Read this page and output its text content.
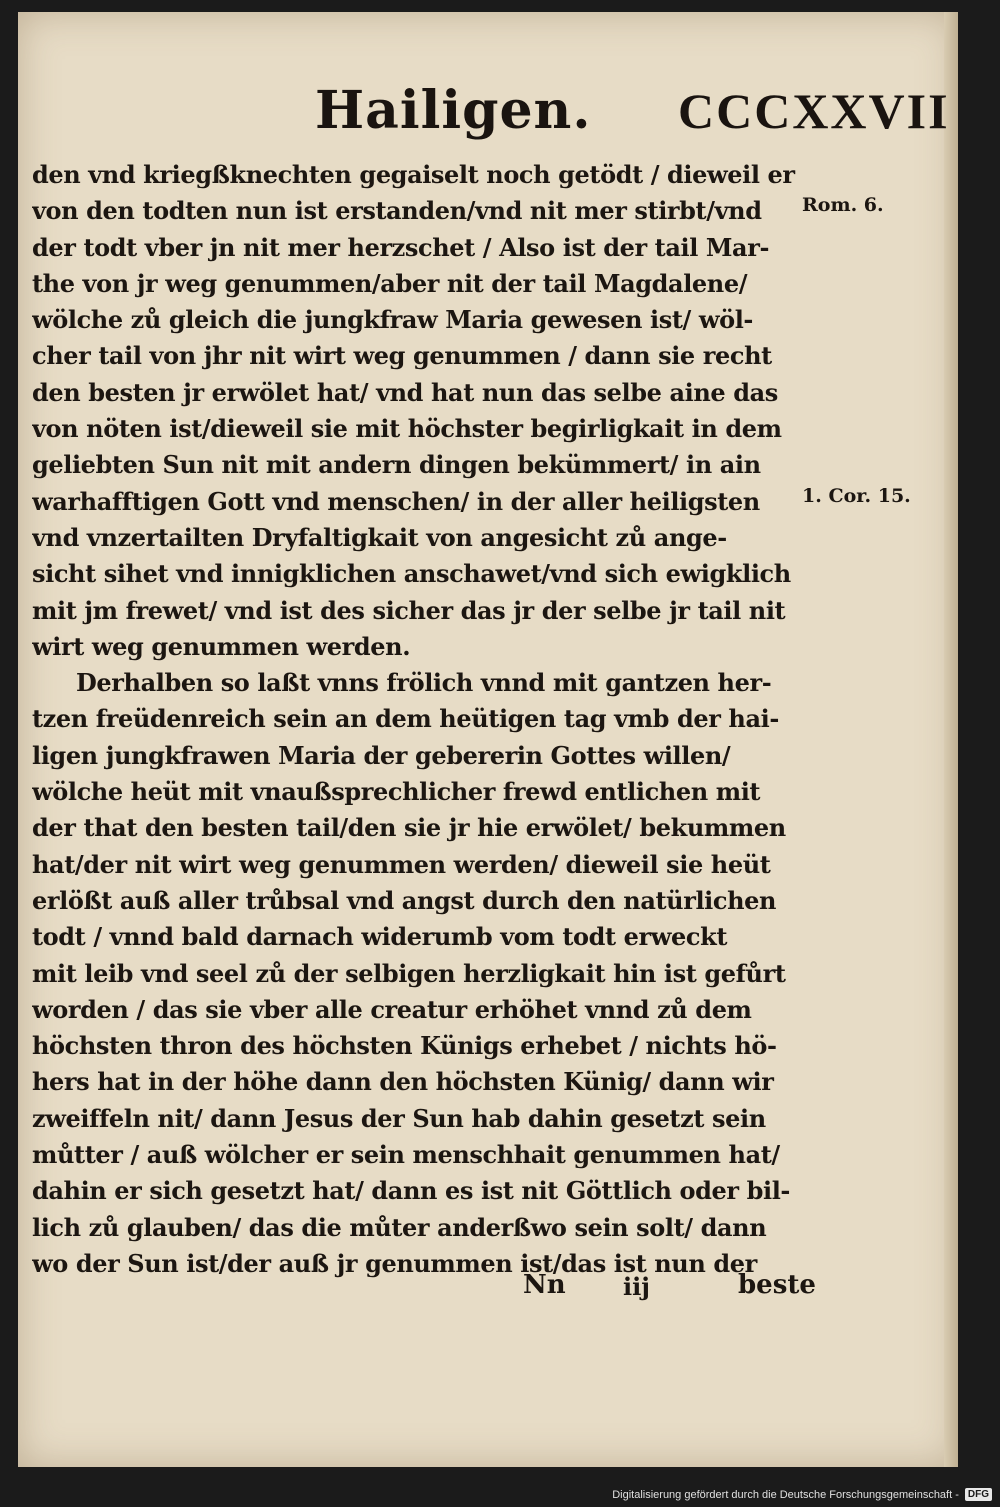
Hailigen. CCCXXVII
den vnd kriegßknechten gegaiselt noch getödt / dieweil er
von den todten nun ist erstanden/vnd nit mer stirbt/vnd
der todt vber jn nit mer herzschet / Also ist der tail Mar-
the von jr weg genummen/aber nit der tail Magdalene/
wölche zů gleich die jungkfraw Maria gewesen ist/ wöl-
cher tail von jhr nit wirt weg genummen / dann sie recht
den besten jr erwölet hat/ vnd hat nun das selbe aine das
von nöten ist/dieweil sie mit höchster begirligkait in dem
geliebten Sun nit mit andern dingen bekümmert/ in ain
warhafftigen Gott vnd menschen/ in der aller heiligsten
vnd vnzertailten Dryfaltigkait von angesicht zů ange-
sicht sihet vnd innigklichen anschawet/vnd sich ewigklich
mit jm frewet/ vnd ist des sicher das jr der selbe jr tail nit
wirt weg genummen werden.
Derhalben so laßt vnns frölich vnnd mit gantzen her-
tzen freüdenreich sein an dem heütigen tag vmb der hai-
ligen jungkfrawen Maria der gebererin Gottes willen/
wölche heüt mit vnaußsprechlicher frewd entlichen mit
der that den besten tail/den sie jr hie erwölet/ bekummen
hat/der nit wirt weg genummen werden/ dieweil sie heüt
erlößt auß aller trůbsal vnd angst durch den natürlichen
todt / vnnd bald darnach widerumb vom todt erweckt
mit leib vnd seel zů der selbigen herzligkait hin ist gefůrt
worden / das sie vber alle creatur erhöhet vnnd zů dem
höchsten thron des höchsten Künigs erhebet / nichts hö-
hers hat in der höhe dann den höchsten Künig/ dann wir
zweiffeln nit/ dann Jesus der Sun hab dahin gesetzt sein
můtter / auß wölcher er sein menschhait genummen hat/
dahin er sich gesetzt hat/ dann es ist nit Göttlich oder bil-
lich zů glauben/ das die můter anderßwo sein solt/ dann
wo der Sun ist/der auß jr genummen ist/das ist nun der
Rom. 6.
1. Cor. 15.
Nn iij	beste
Digitalisierung gefördert durch die Deutsche Forschungsgemeinschaft - DFG
